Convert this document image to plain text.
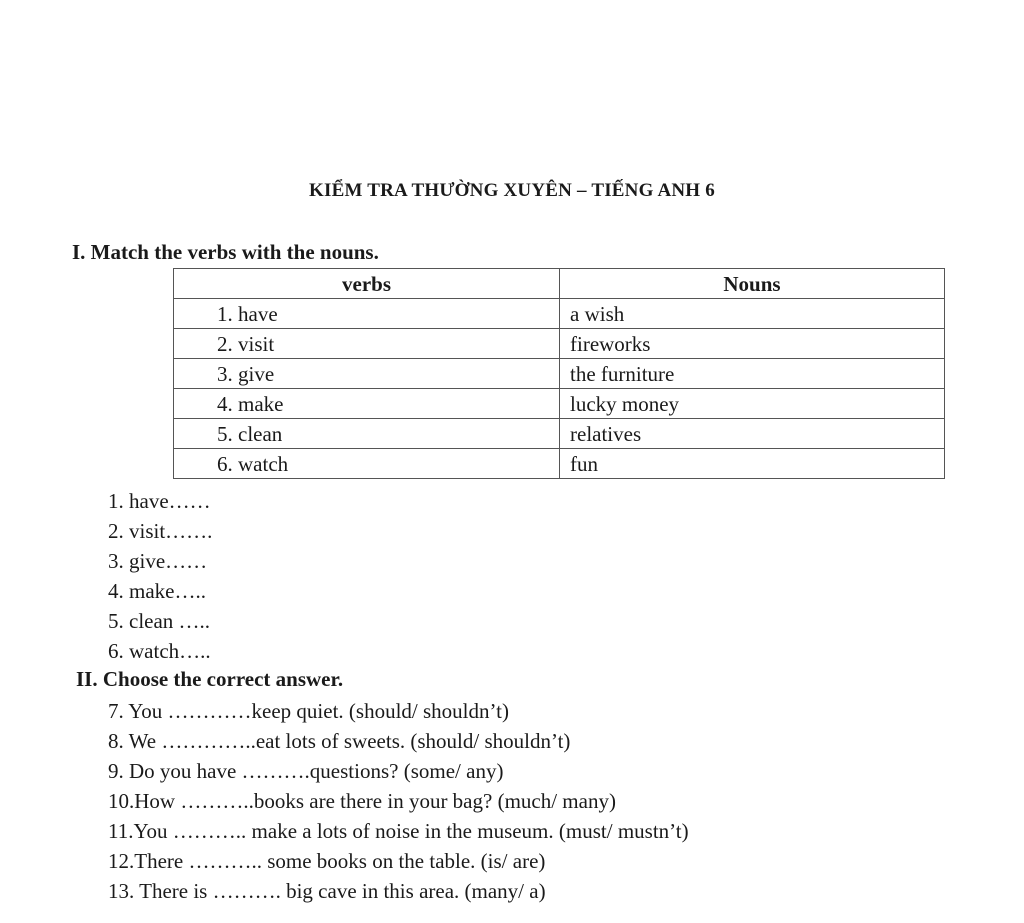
KIỂM TRA THƯỜNG XUYÊN – TIẾNG ANH 6
I. Match the verbs with the nouns.
verbs	Nouns
1. have	a wish
2. visit	fireworks
3. give	the furniture
4. make	lucky money
5. clean	relatives
6. watch	fun
1. have……
2. visit…….
3. give……
4. make…..
5. clean …..
6. watch…..
II. Choose the correct answer.
7. You …………keep quiet. (should/ shouldn’t)
8. We …………..eat lots of sweets. (should/ shouldn’t)
9. Do you have ……….questions? (some/ any)
10.How ………..books are there in your bag? (much/ many)
11.You ……….. make a lots of noise in the museum. (must/ mustn’t)
12.There ……….. some books on the table. (is/ are)
13. There is ………. big cave in this area. (many/ a)
